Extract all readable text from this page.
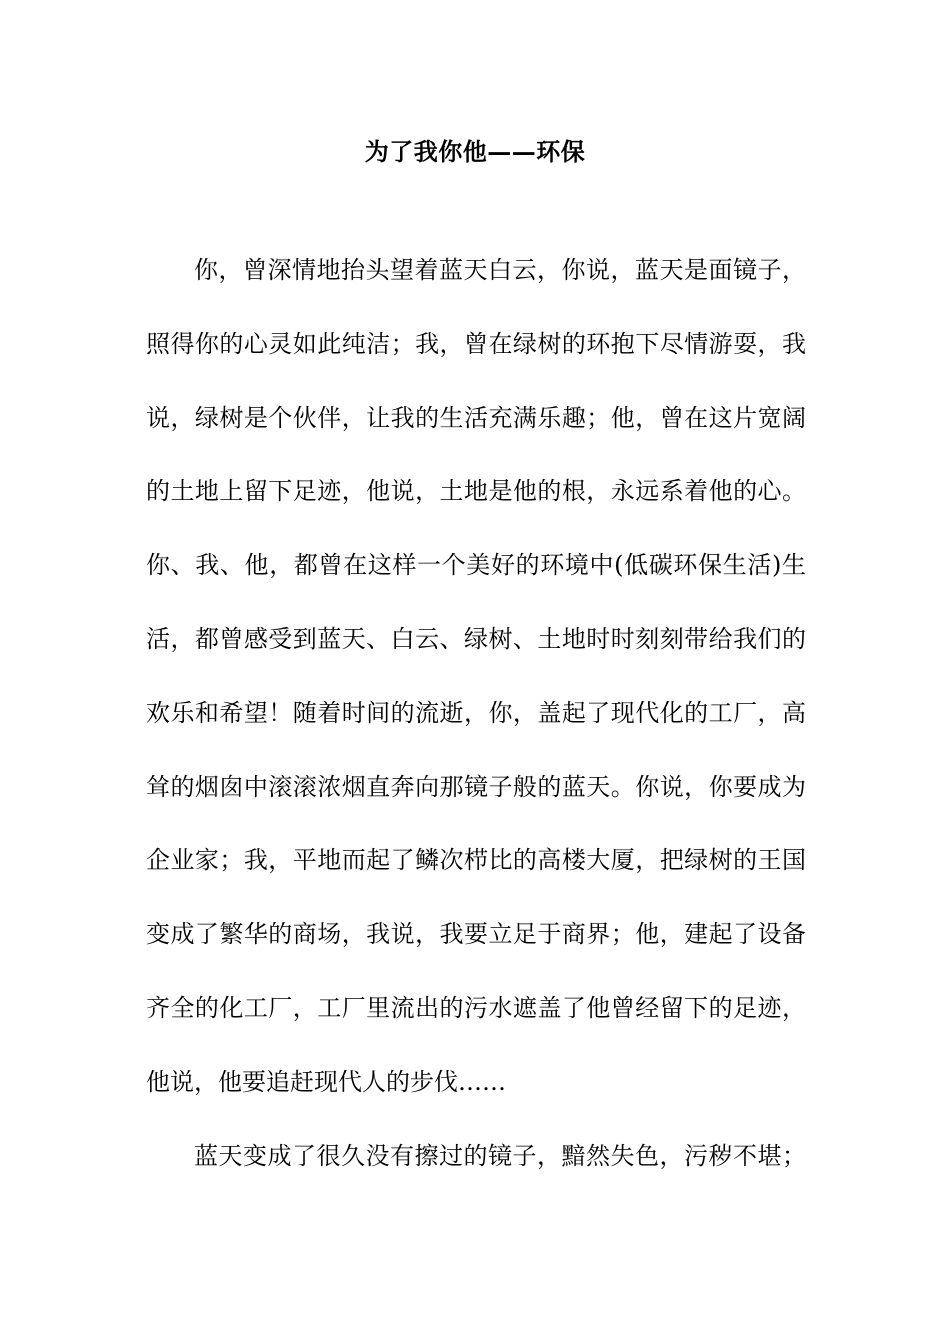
为了我你他——环保
你，曾深情地抬头望着蓝天白云，你说，蓝天是面镜子，
照得你的心灵如此纯洁；我，曾在绿树的环抱下尽情游耍，我
说，绿树是个伙伴，让我的生活充满乐趣；他，曾在这片宽阔
的土地上留下足迹，他说，土地是他的根，永远系着他的心。
你、我、他，都曾在这样一个美好的环境中(低碳环保生活)生
活，都曾感受到蓝天、白云、绿树、土地时时刻刻带给我们的
欢乐和希望！随着时间的流逝，你，盖起了现代化的工厂，高
耸的烟囱中滚滚浓烟直奔向那镜子般的蓝天。你说，你要成为
企业家；我，平地而起了鳞次栉比的高楼大厦，把绿树的王国
变成了繁华的商场，我说，我要立足于商界；他，建起了设备
齐全的化工厂，工厂里流出的污水遮盖了他曾经留下的足迹，
他说，他要追赶现代人的步伐……
蓝天变成了很久没有擦过的镜子，黯然失色，污秽不堪；
